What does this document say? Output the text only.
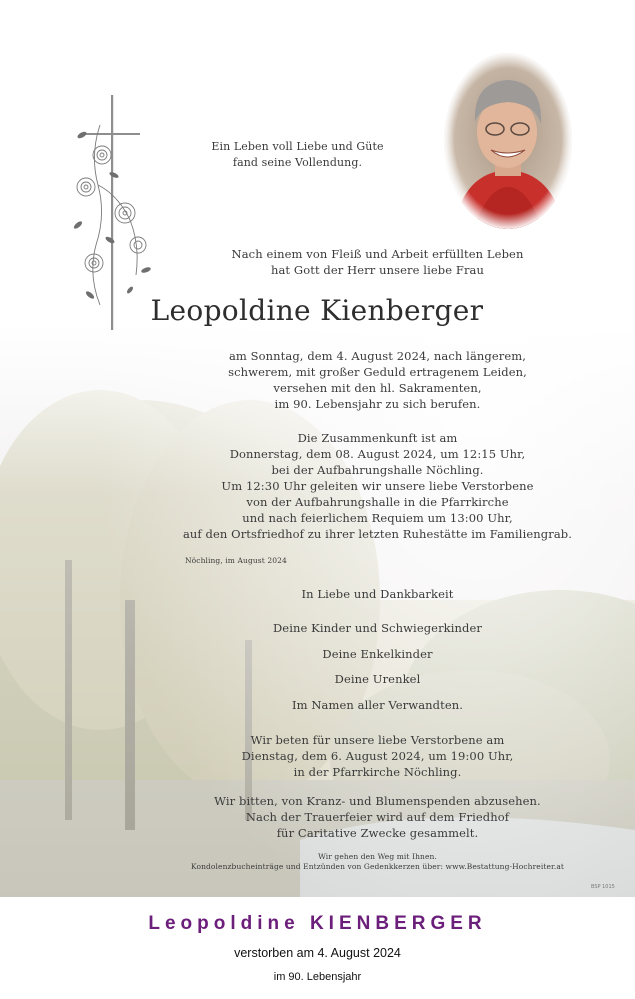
Ein Leben voll Liebe und Güte
fand seine Vollendung.
Nach einem von Fleiß und Arbeit erfüllten Leben
hat Gott der Herr unsere liebe Frau
Leopoldine Kienberger
am Sonntag, dem 4. August 2024, nach längerem,
schwerem, mit großer Geduld ertragenem Leiden,
versehen mit den hl. Sakramenten,
im 90. Lebensjahr zu sich berufen.
Die Zusammenkunft ist am
Donnerstag, dem 08. August 2024, um 12:15 Uhr,
bei der Aufbahrungshalle Nöchling.
Um 12:30 Uhr geleiten wir unsere liebe Verstorbene
von der Aufbahrungshalle in die Pfarrkirche
und nach feierlichem Requiem um 13:00 Uhr,
auf den Ortsfriedhof zu ihrer letzten Ruhestätte im Familiengrab.
Nöchling, im August 2024
In Liebe und Dankbarkeit
Deine Kinder und Schwiegerkinder
Deine Enkelkinder
Deine Urenkel
Im Namen aller Verwandten.
Wir beten für unsere liebe Verstorbene am
Dienstag, dem 6. August 2024, um 19:00 Uhr,
in der Pfarrkirche Nöchling.
Wir bitten, von Kranz- und Blumenspenden abzusehen.
Nach der Trauerfeier wird auf dem Friedhof
für Caritative Zwecke gesammelt.
Wir gehen den Weg mit Ihnen.
Kondolenzbucheinträge und Entzünden von Gedenkkerzen über: www.Bestattung-Hochreiter.at
BSP 1015
Leopoldine KIENBERGER
verstorben am 4. August 2024
im 90. Lebensjahr
